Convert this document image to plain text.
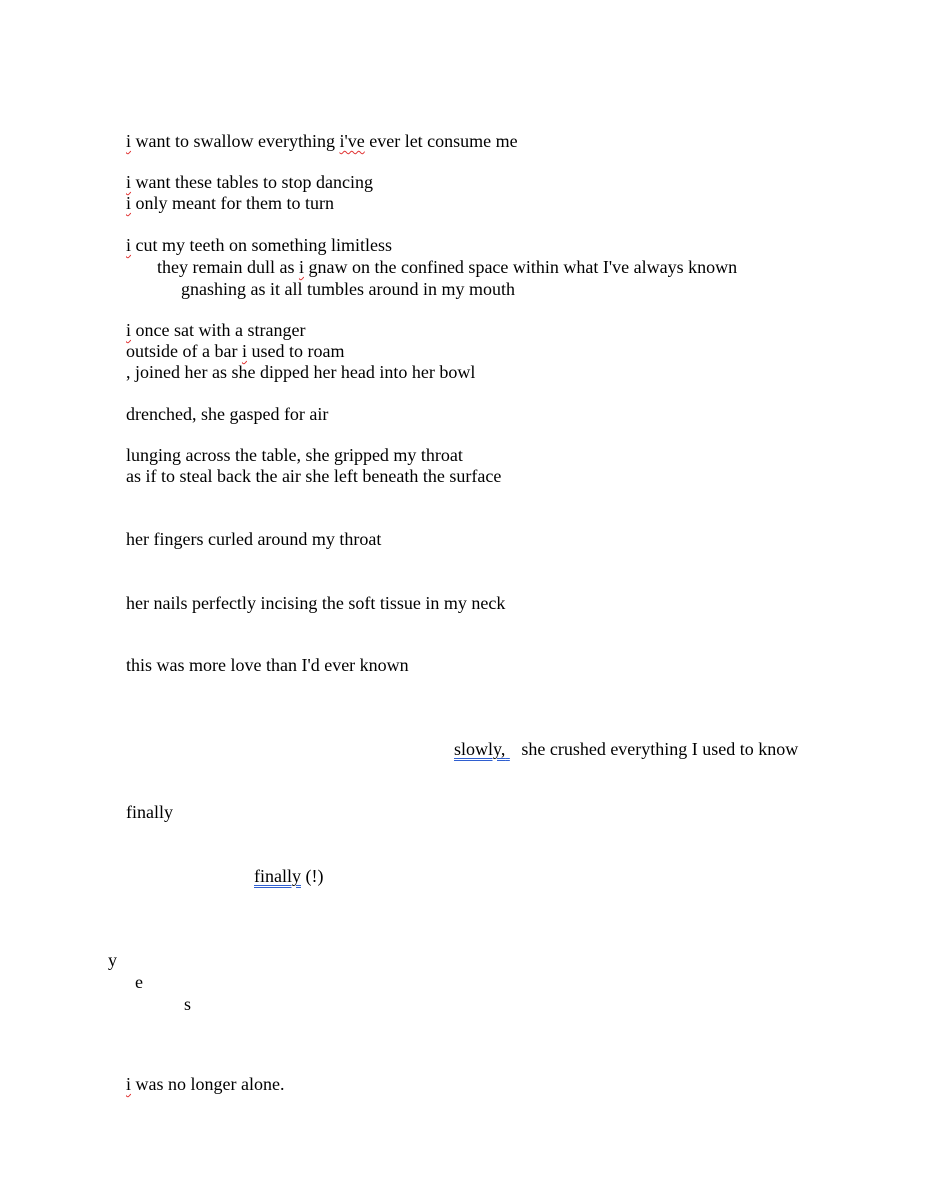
i want to swallow everything i've ever let consume me

i want these tables to stop dancing

i only meant for them to turn

i cut my teeth on something limitless

they remain dull as i gnaw on the confined space within what I've always known

gnashing as it all tumbles around in my mouth

i once sat with a stranger

outside of a bar i used to roam

, joined her as she dipped her head into her bowl

drenched, she gasped for air

lunging across the table, she gripped my throat

as if to steal back the air she left beneath the surface

her fingers curled around my throat

her nails perfectly incising the soft tissue in my neck

this was more love than I'd ever known

slowly, she crushed everything I used to know

finally

finally (!)

y

e

s

i was no longer alone.
